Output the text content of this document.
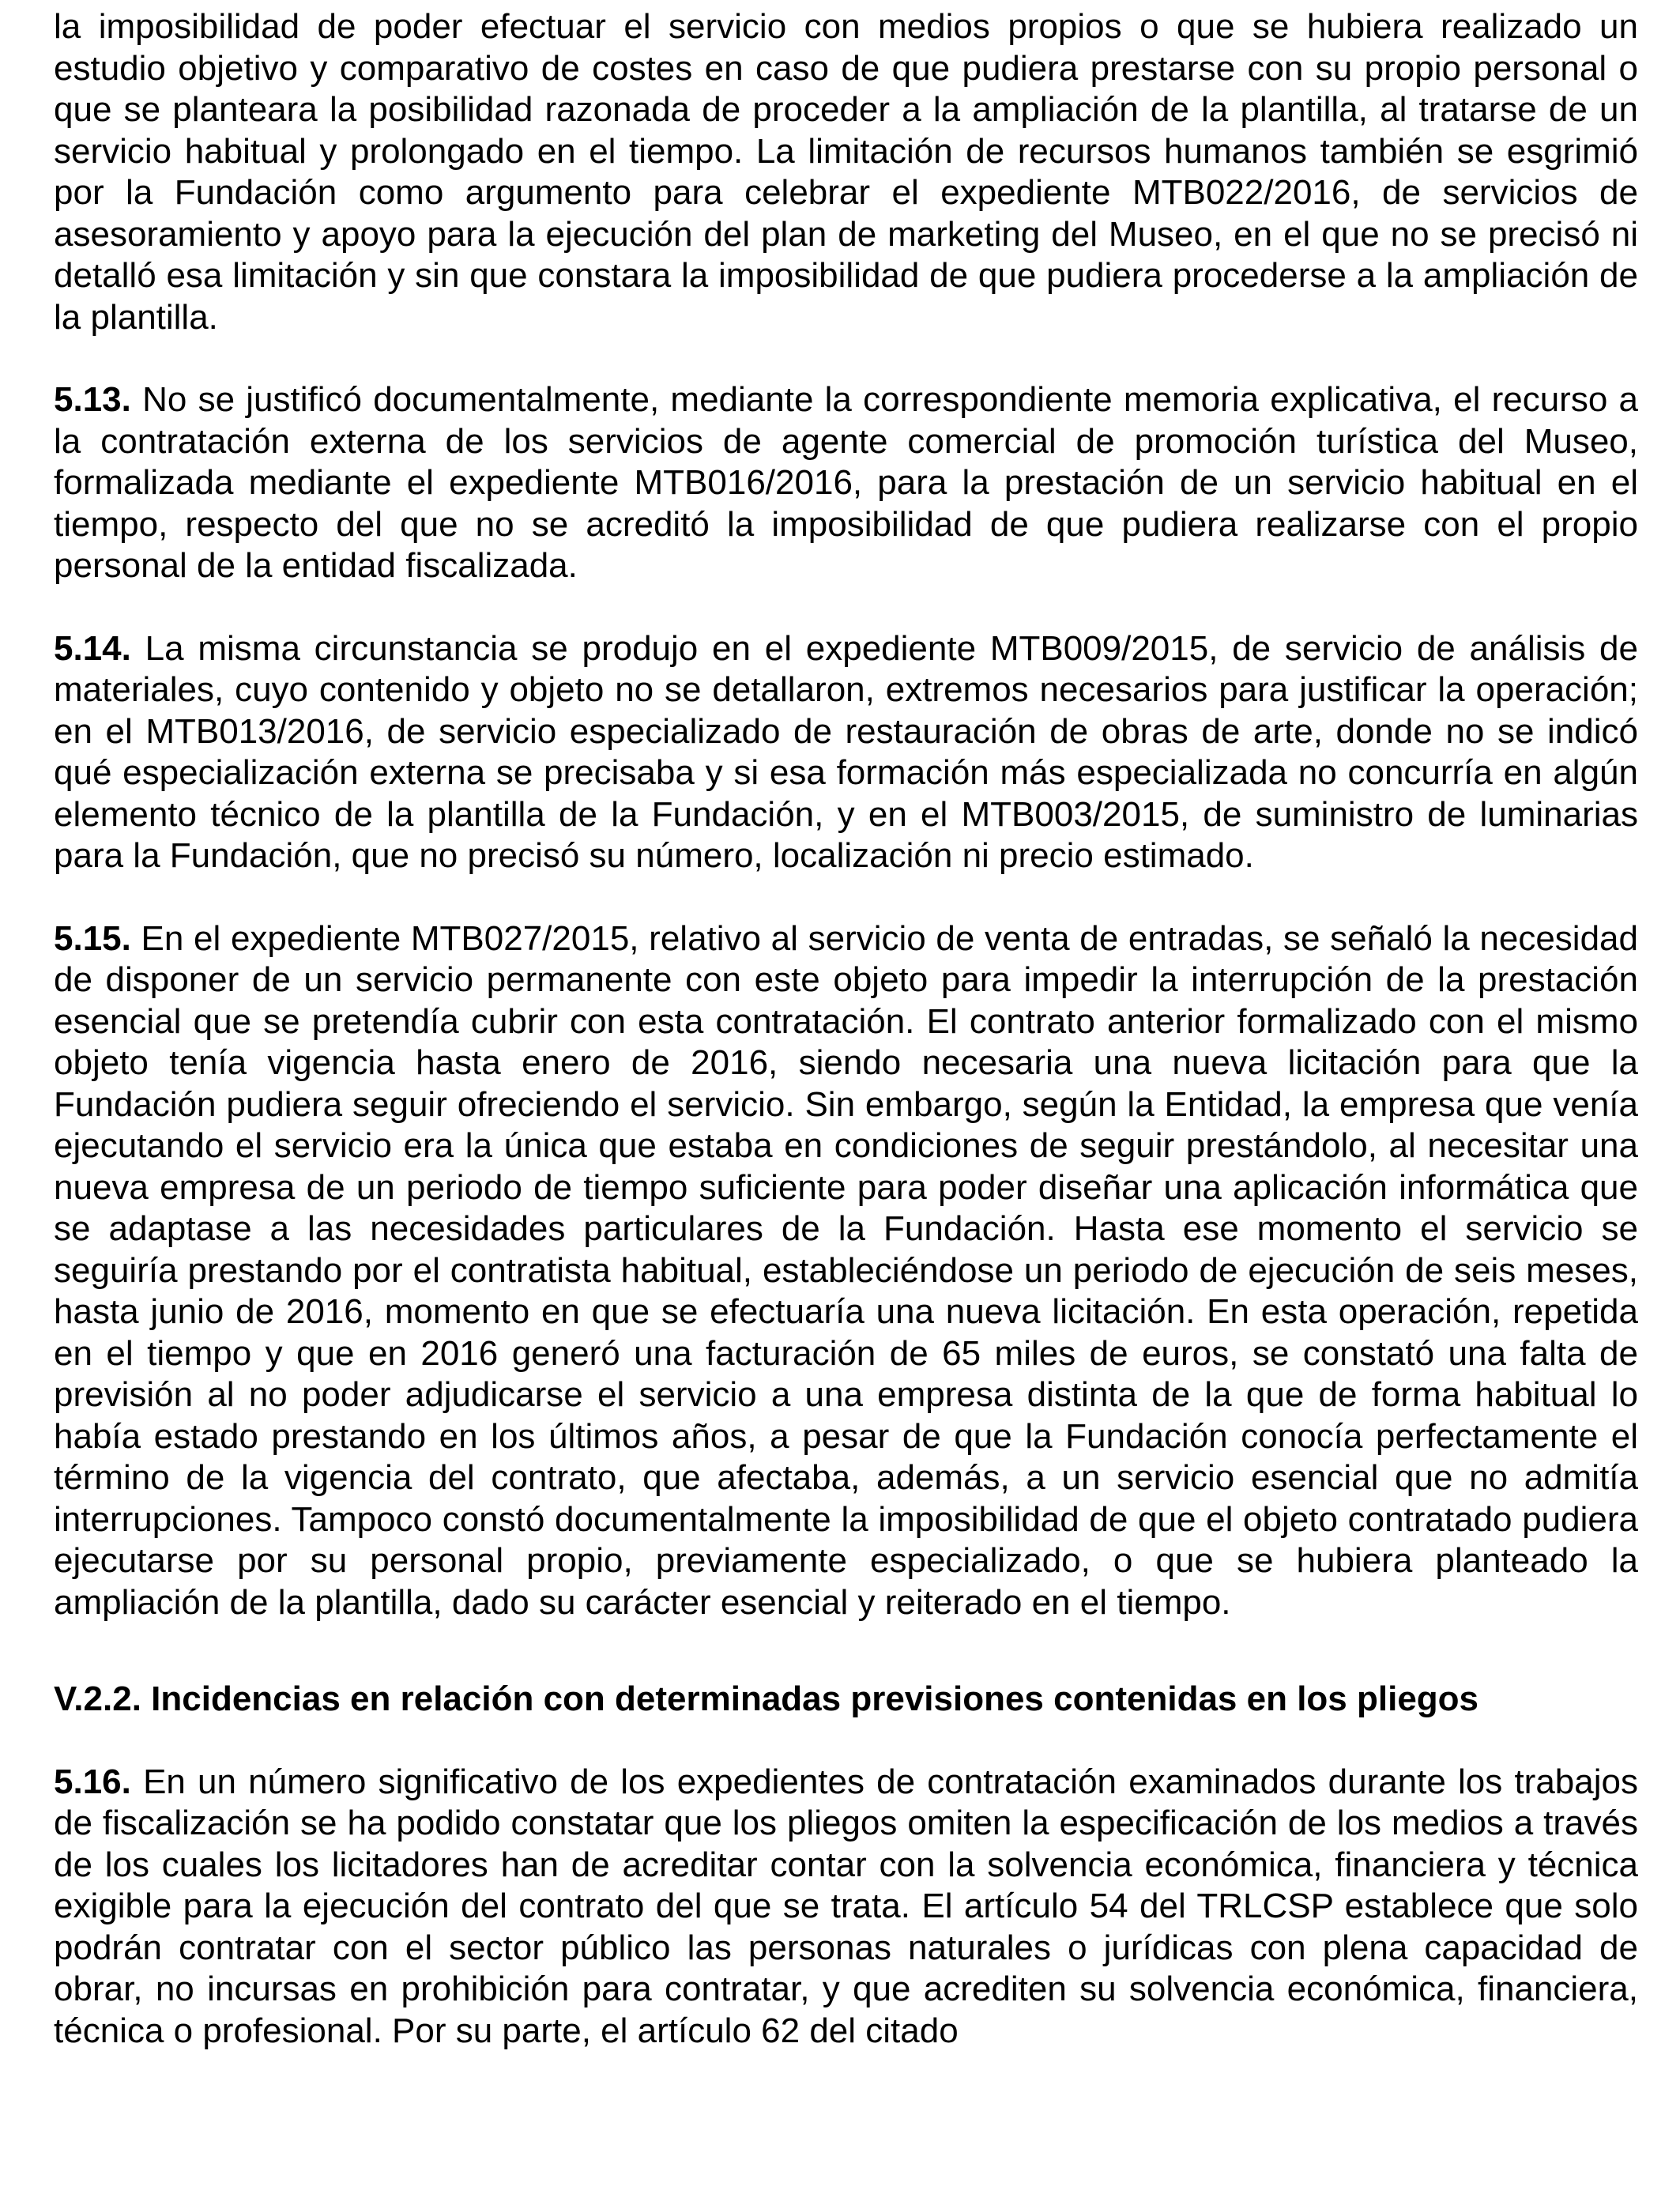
la imposibilidad de poder efectuar el servicio con medios propios o que se hubiera realizado un estudio objetivo y comparativo de costes en caso de que pudiera prestarse con su propio personal o que se planteara la posibilidad razonada de proceder a la ampliación de la plantilla, al tratarse de un servicio habitual y prolongado en el tiempo. La limitación de recursos humanos también se esgrimió por la Fundación como argumento para celebrar el expediente MTB022/2016, de servicios de asesoramiento y apoyo para la ejecución del plan de marketing del Museo, en el que no se precisó ni detalló esa limitación y sin que constara la imposibilidad de que pudiera procederse a la ampliación de la plantilla.

5.13. No se justificó documentalmente, mediante la correspondiente memoria explicativa, el recurso a la contratación externa de los servicios de agente comercial de promoción turística del Museo, formalizada mediante el expediente MTB016/2016, para la prestación de un servicio habitual en el tiempo, respecto del que no se acreditó la imposibilidad de que pudiera realizarse con el propio personal de la entidad fiscalizada.

5.14. La misma circunstancia se produjo en el expediente MTB009/2015, de servicio de análisis de materiales, cuyo contenido y objeto no se detallaron, extremos necesarios para justificar la operación; en el MTB013/2016, de servicio especializado de restauración de obras de arte, donde no se indicó qué especialización externa se precisaba y si esa formación más especializada no concurría en algún elemento técnico de la plantilla de la Fundación, y en el MTB003/2015, de suministro de luminarias para la Fundación, que no precisó su número, localización ni precio estimado.

5.15. En el expediente MTB027/2015, relativo al servicio de venta de entradas, se señaló la necesidad de disponer de un servicio permanente con este objeto para impedir la interrupción de la prestación esencial que se pretendía cubrir con esta contratación. El contrato anterior formalizado con el mismo objeto tenía vigencia hasta enero de 2016, siendo necesaria una nueva licitación para que la Fundación pudiera seguir ofreciendo el servicio. Sin embargo, según la Entidad, la empresa que venía ejecutando el servicio era la única que estaba en condiciones de seguir prestándolo, al necesitar una nueva empresa de un periodo de tiempo suficiente para poder diseñar una aplicación informática que se adaptase a las necesidades particulares de la Fundación. Hasta ese momento el servicio se seguiría prestando por el contratista habitual, estableciéndose un periodo de ejecución de seis meses, hasta junio de 2016, momento en que se efectuaría una nueva licitación. En esta operación, repetida en el tiempo y que en 2016 generó una facturación de 65 miles de euros, se constató una falta de previsión al no poder adjudicarse el servicio a una empresa distinta de la que de forma habitual lo había estado prestando en los últimos años, a pesar de que la Fundación conocía perfectamente el término de la vigencia del contrato, que afectaba, además, a un servicio esencial que no admitía interrupciones. Tampoco constó documentalmente la imposibilidad de que el objeto contratado pudiera ejecutarse por su personal propio, previamente especializado, o que se hubiera planteado la ampliación de la plantilla, dado su carácter esencial y reiterado en el tiempo.

V.2.2. Incidencias en relación con determinadas previsiones contenidas en los pliegos

5.16. En un número significativo de los expedientes de contratación examinados durante los trabajos de fiscalización se ha podido constatar que los pliegos omiten la especificación de los medios a través de los cuales los licitadores han de acreditar contar con la solvencia económica, financiera y técnica exigible para la ejecución del contrato del que se trata. El artículo 54 del TRLCSP establece que solo podrán contratar con el sector público las personas naturales o jurídicas con plena capacidad de obrar, no incursas en prohibición para contratar, y que acrediten su solvencia económica, financiera, técnica o profesional. Por su parte, el artículo 62 del citado
